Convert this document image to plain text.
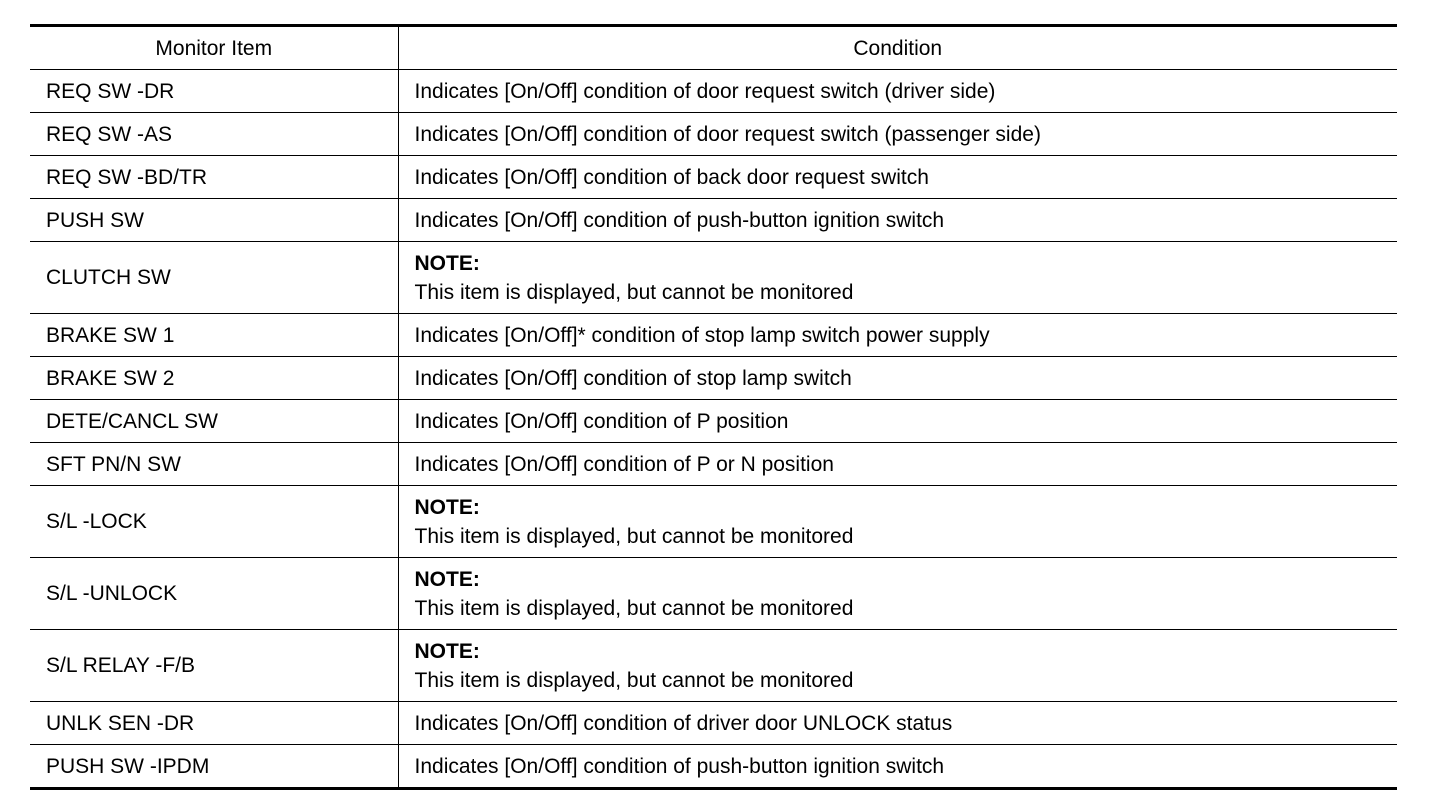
Monitor Item	Condition
REQ SW -DR	Indicates [On/Off] condition of door request switch (driver side)
REQ SW -AS	Indicates [On/Off] condition of door request switch (passenger side)
REQ SW -BD/TR	Indicates [On/Off] condition of back door request switch
PUSH SW	Indicates [On/Off] condition of push-button ignition switch
CLUTCH SW	NOTE:
This item is displayed, but cannot be monitored

BRAKE SW 1	Indicates [On/Off]* condition of stop lamp switch power supply
BRAKE SW 2	Indicates [On/Off] condition of stop lamp switch
DETE/CANCL SW	Indicates [On/Off] condition of P position
SFT PN/N SW	Indicates [On/Off] condition of P or N position
S/L -LOCK	NOTE:
This item is displayed, but cannot be monitored

S/L -UNLOCK	NOTE:
This item is displayed, but cannot be monitored

S/L RELAY -F/B	NOTE:
This item is displayed, but cannot be monitored

UNLK SEN -DR	Indicates [On/Off] condition of driver door UNLOCK status
PUSH SW -IPDM	Indicates [On/Off] condition of push-button ignition switch
